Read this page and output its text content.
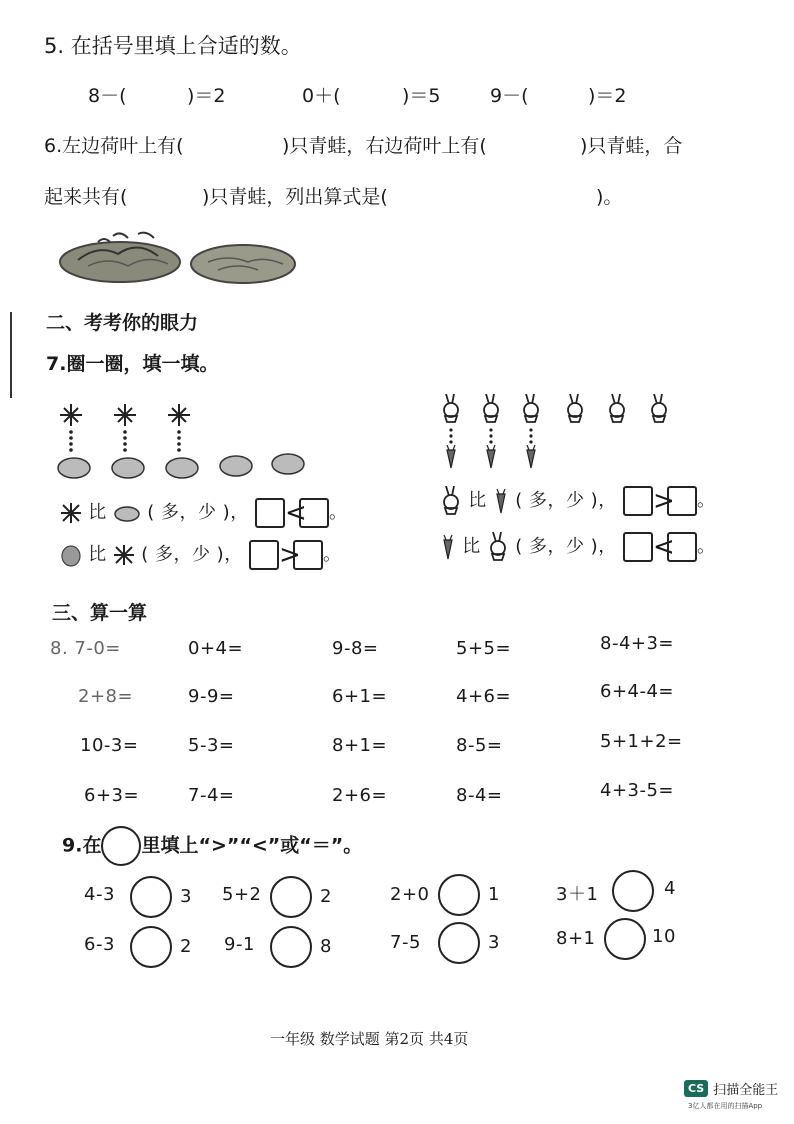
5. 在括号里填上合适的数。
8－(	)＝2	0＋(	)＝5	9－(	)＝2
6.左边荷叶上有(	)只青蛙，右边荷叶上有(	)只青蛙，合
起来共有(	)只青蛙，列出算式是(	)。
二、考考你的眼力
7.圈一圈，填一填。
比 ( 多，少 )， < 。
比 ( 多，少 )， > 。
比 ( 多，少 )， > 。
比 ( 多，少 )， < 。
三、算一算
8. 7-0=	0+4=	9-8=	5+5=	8-4+3=
2+8=	9-9=	6+1=	4+6=	6+4-4=
10-3=	5-3=	8+1=	8-5=	5+1+2=
6+3=	7-4=	2+6=	8-4=	4+3-5=
9.在 里填上“>”“<”或“＝”。
4-3	3 5+2	2	2+0	1	3＋1	4
6-3	2 9-1	8	7-5	3	8+1	10
一年级 数学试题 第2页 共4页
CS 扫描全能王
3亿人都在用的扫描App
